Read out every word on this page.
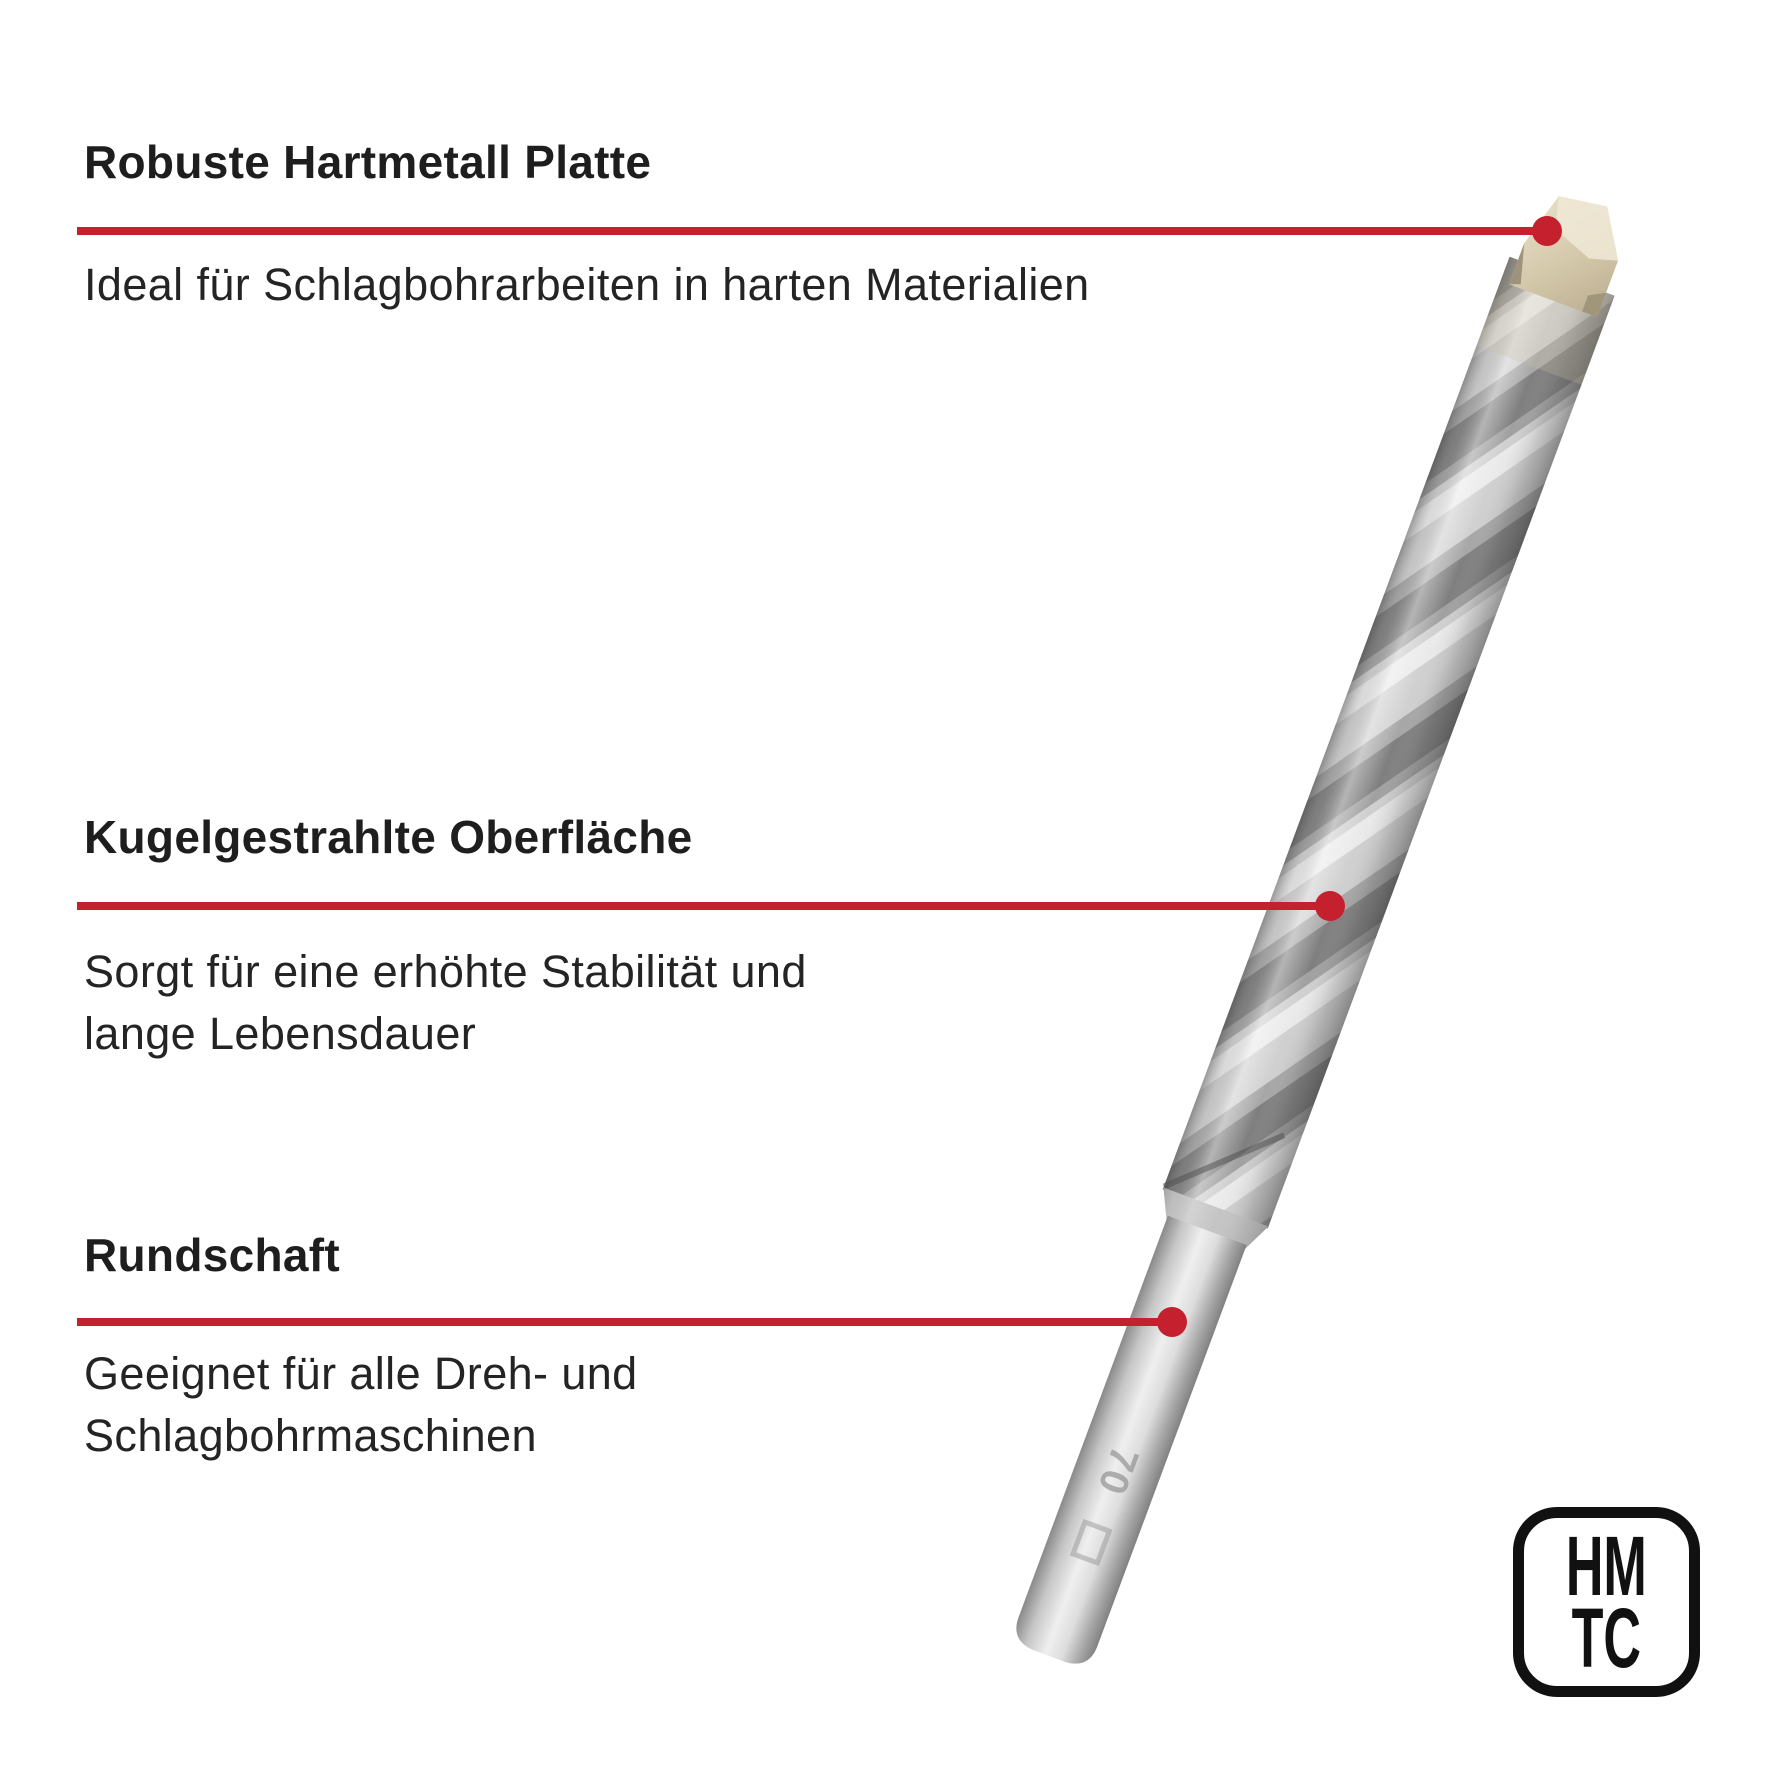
70
Robuste Hartmetall Platte
Ideal für Schlagbohrarbeiten in harten Materialien
Kugelgestrahlte Oberfläche
Sorgt für eine erhöhte Stabilität und
lange Lebensdauer
Rundschaft
Geeignet für alle Dreh- und
Schlagbohrmaschinen
HM
TC
